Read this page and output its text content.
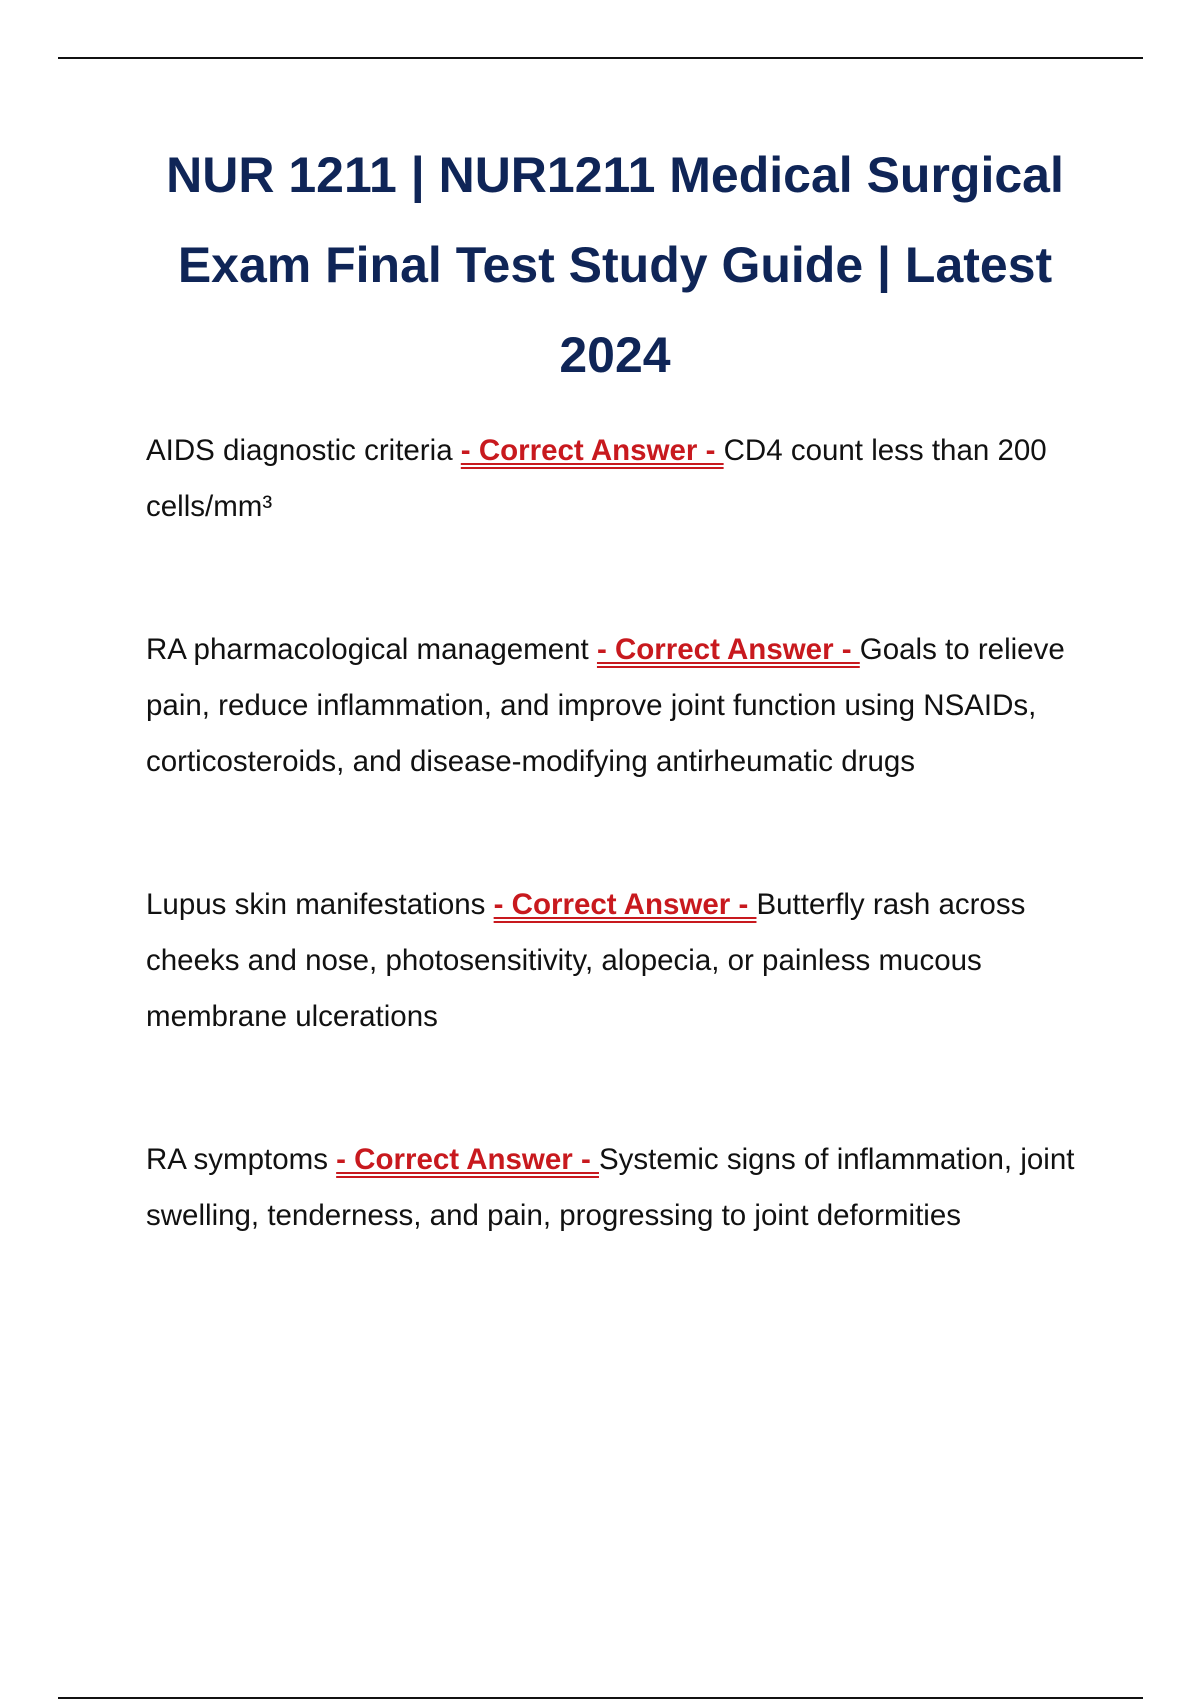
NUR 1211 | NUR1211 Medical Surgical Exam Final Test Study Guide | Latest 2024
AIDS diagnostic criteria - Correct Answer - CD4 count less than 200 cells/mm³
RA pharmacological management - Correct Answer - Goals to relieve pain, reduce inflammation, and improve joint function using NSAIDs, corticosteroids, and disease-modifying antirheumatic drugs
Lupus skin manifestations - Correct Answer - Butterfly rash across cheeks and nose, photosensitivity, alopecia, or painless mucous membrane ulcerations
RA symptoms - Correct Answer - Systemic signs of inflammation, joint swelling, tenderness, and pain, progressing to joint deformities
